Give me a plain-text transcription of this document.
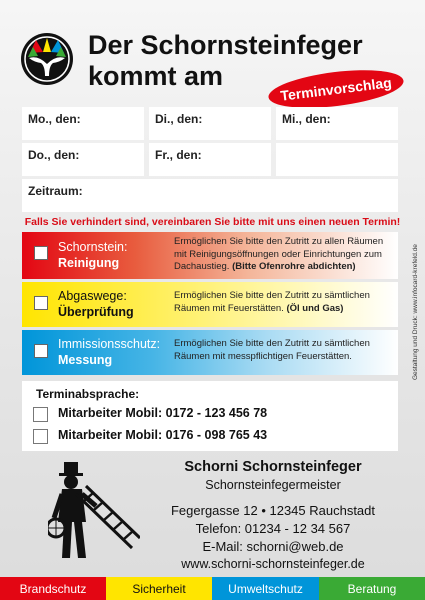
Der Schornsteinfeger
kommt am	Terminvorschlag
Mo., den:	Di., den:	Mi., den:
Do., den:	Fr., den:
Zeitraum:
Falls Sie verhindert sind, vereinbaren Sie bitte mit uns einen neuen Termin!
Schornstein:
Reinigung
Ermöglichen Sie bitte den Zutritt zu allen Räumen mit Reinigungsöffnungen oder Einrichtungen zum Dachaustieg. (Bitte Ofenrohre abdichten)
Abgaswege:
Überprüfung
Ermöglichen Sie bitte den Zutritt zu sämtlichen Räumen mit Feuerstätten. (Öl und Gas)
Immissionsschutz:
Messung
Ermöglichen Sie bitte den Zutritt zu sämtlichen Räumen mit messpflichtigen Feuerstätten.
Terminabsprache:
Mitarbeiter Mobil: 0172 - 123 456 78
Mitarbeiter Mobil: 0176 - 098 765 43
Schorni Schornsteinfeger
Schornsteinfegermeister
Fegergasse 12 • 12345 Rauchstadt
Telefon: 01234 - 12 34 567
E-Mail: schorni@web.de
www.schorni-schornsteinfeger.de
Gestaltung und Druck: www.infocard-krefeld.de
Brandschutz	Sicherheit	Umweltschutz	Beratung
